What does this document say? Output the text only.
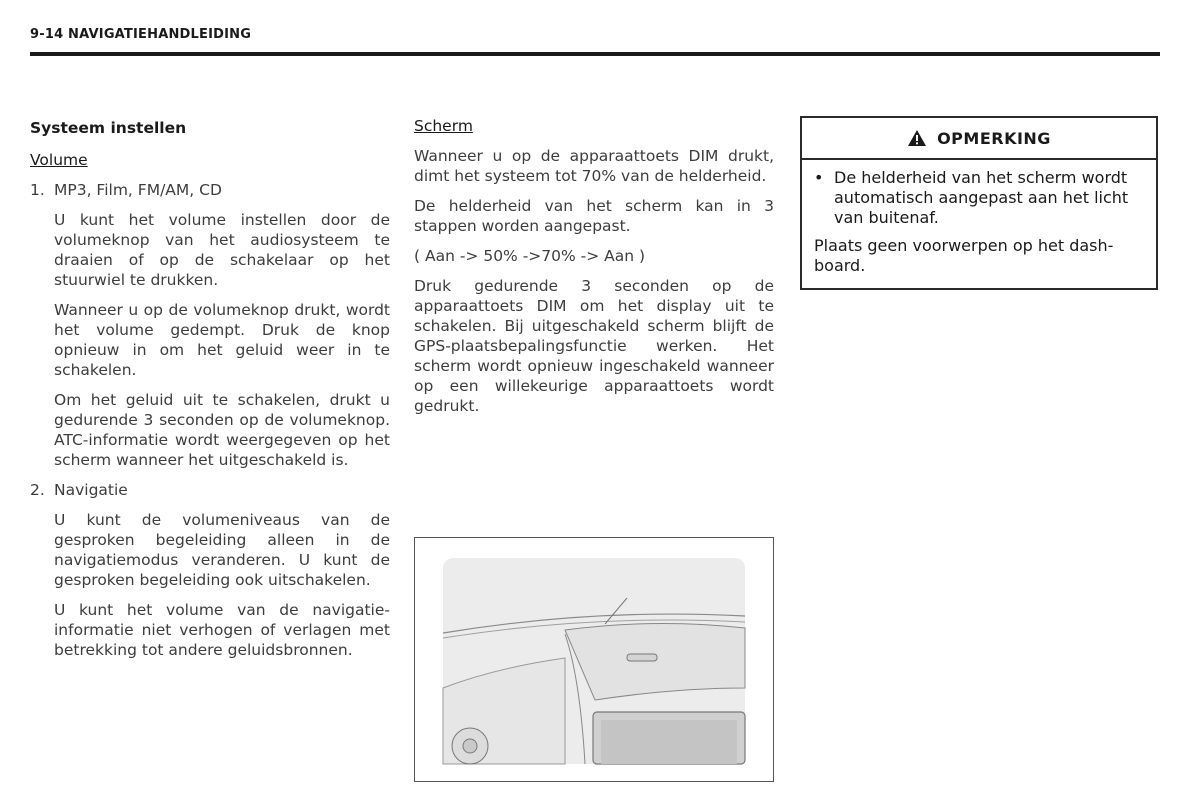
9-14 NAVIGATIEHANDLEIDING
Systeem instellen
Volume
1. MP3, Film, FM/AM, CD

U kunt het volume instellen door de volumeknop van het audiosysteem te draaien of op de schakelaar op het stuurwiel te drukken.

Wanneer u op de volumeknop drukt, wordt het volume gedempt. Druk de knop opnieuw in om het geluid weer in te schakelen.

Om het geluid uit te schakelen, drukt u gedurende 3 seconden op de volumeknop. ATC-informatie wordt weergegeven op het scherm wanneer het uitgeschakeld is.

2. Navigatie

U kunt de volumeniveaus van de gesproken begeleiding alleen in de navigatiemodus veranderen. U kunt de gesproken begeleiding ook uitschakelen.

U kunt het volume van de navigatie-informatie niet verhogen of verlagen met betrekking tot andere geluidsbronnen.

Scherm

Wanneer u op de apparaattoets DIM drukt, dimt het systeem tot 70% van de helderheid.

De helderheid van het scherm kan in 3 stappen worden aangepast.

( Aan -> 50% ->70% -> Aan )

Druk gedurende 3 seconden op de apparaattoets DIM om het display uit te schakelen. Bij uitgeschakeld scherm blijft de GPS-plaatsbepalingsfunctie werken. Het scherm wordt opnieuw ingeschakeld wanneer op een willekeurige apparaattoets wordt gedrukt.

OPMERKING
• De helderheid van het scherm wordt automatisch aangepast aan het licht van buitenaf.
Plaats geen voorwerpen op het dash-board.
